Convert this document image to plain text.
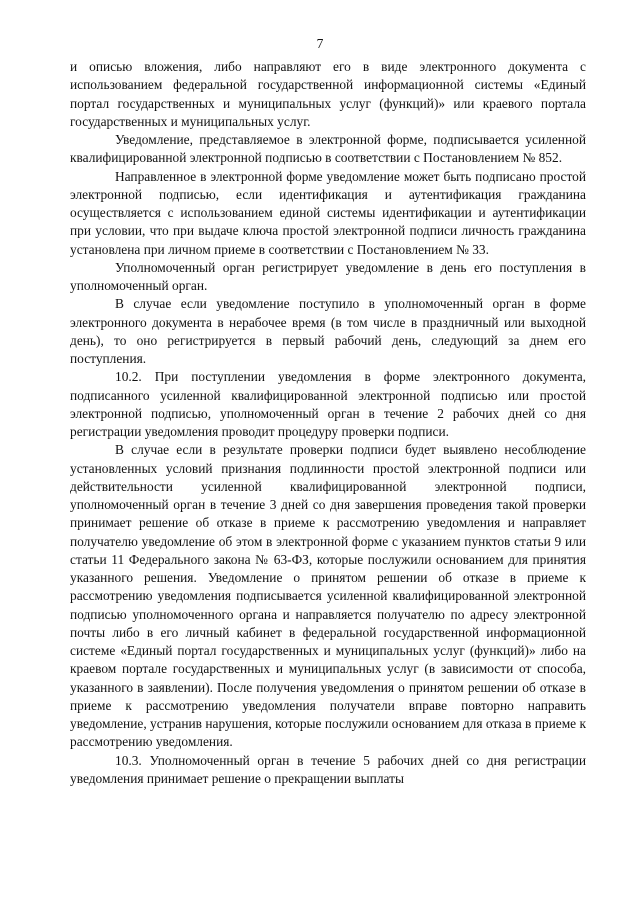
7

и описью вложения, либо направляют его в виде электронного документа с использованием федеральной государственной информационной системы «Единый портал государственных и муниципальных услуг (функций)» или краевого портала государственных и муниципальных услуг.

Уведомление, представляемое в электронной форме, подписывается усиленной квалифицированной электронной подписью в соответствии с Постановлением № 852.

Направленное в электронной форме уведомление может быть подписано простой электронной подписью, если идентификация и аутентификация гражданина осуществляется с использованием единой системы идентификации и аутентификации при условии, что при выдаче ключа простой электронной подписи личность гражданина установлена при личном приеме в соответствии с Постановлением № 33.

Уполномоченный орган регистрирует уведомление в день его поступления в уполномоченный орган.

В случае если уведомление поступило в уполномоченный орган в форме электронного документа в нерабочее время (в том числе в праздничный или выходной день), то оно регистрируется в первый рабочий день, следующий за днем его поступления.

10.2. При поступлении уведомления в форме электронного документа, подписанного усиленной квалифицированной электронной подписью или простой электронной подписью, уполномоченный орган в течение 2 рабочих дней со дня регистрации уведомления проводит процедуру проверки подписи.

В случае если в результате проверки подписи будет выявлено несоблюдение установленных условий признания подлинности простой электронной подписи или действительности усиленной квалифицированной электронной подписи, уполномоченный орган в течение 3 дней со дня завершения проведения такой проверки принимает решение об отказе в приеме к рассмотрению уведомления и направляет получателю уведомление об этом в электронной форме с указанием пунктов статьи 9 или статьи 11 Федерального закона № 63-ФЗ, которые послужили основанием для принятия указанного решения. Уведомление о принятом решении об отказе в приеме к рассмотрению уведомления подписывается усиленной квалифицированной электронной подписью уполномоченного органа и направляется получателю по адресу электронной почты либо в его личный кабинет в федеральной государственной информационной системе «Единый портал государственных и муниципальных услуг (функций)» либо на краевом портале государственных и муниципальных услуг (в зависимости от способа, указанного в заявлении). После получения уведомления о принятом решении об отказе в приеме к рассмотрению уведомления получатели вправе повторно направить уведомление, устранив нарушения, которые послужили основанием для отказа в приеме к рассмотрению уведомления.

10.3. Уполномоченный орган в течение 5 рабочих дней со дня регистрации уведомления принимает решение о прекращении выплаты
